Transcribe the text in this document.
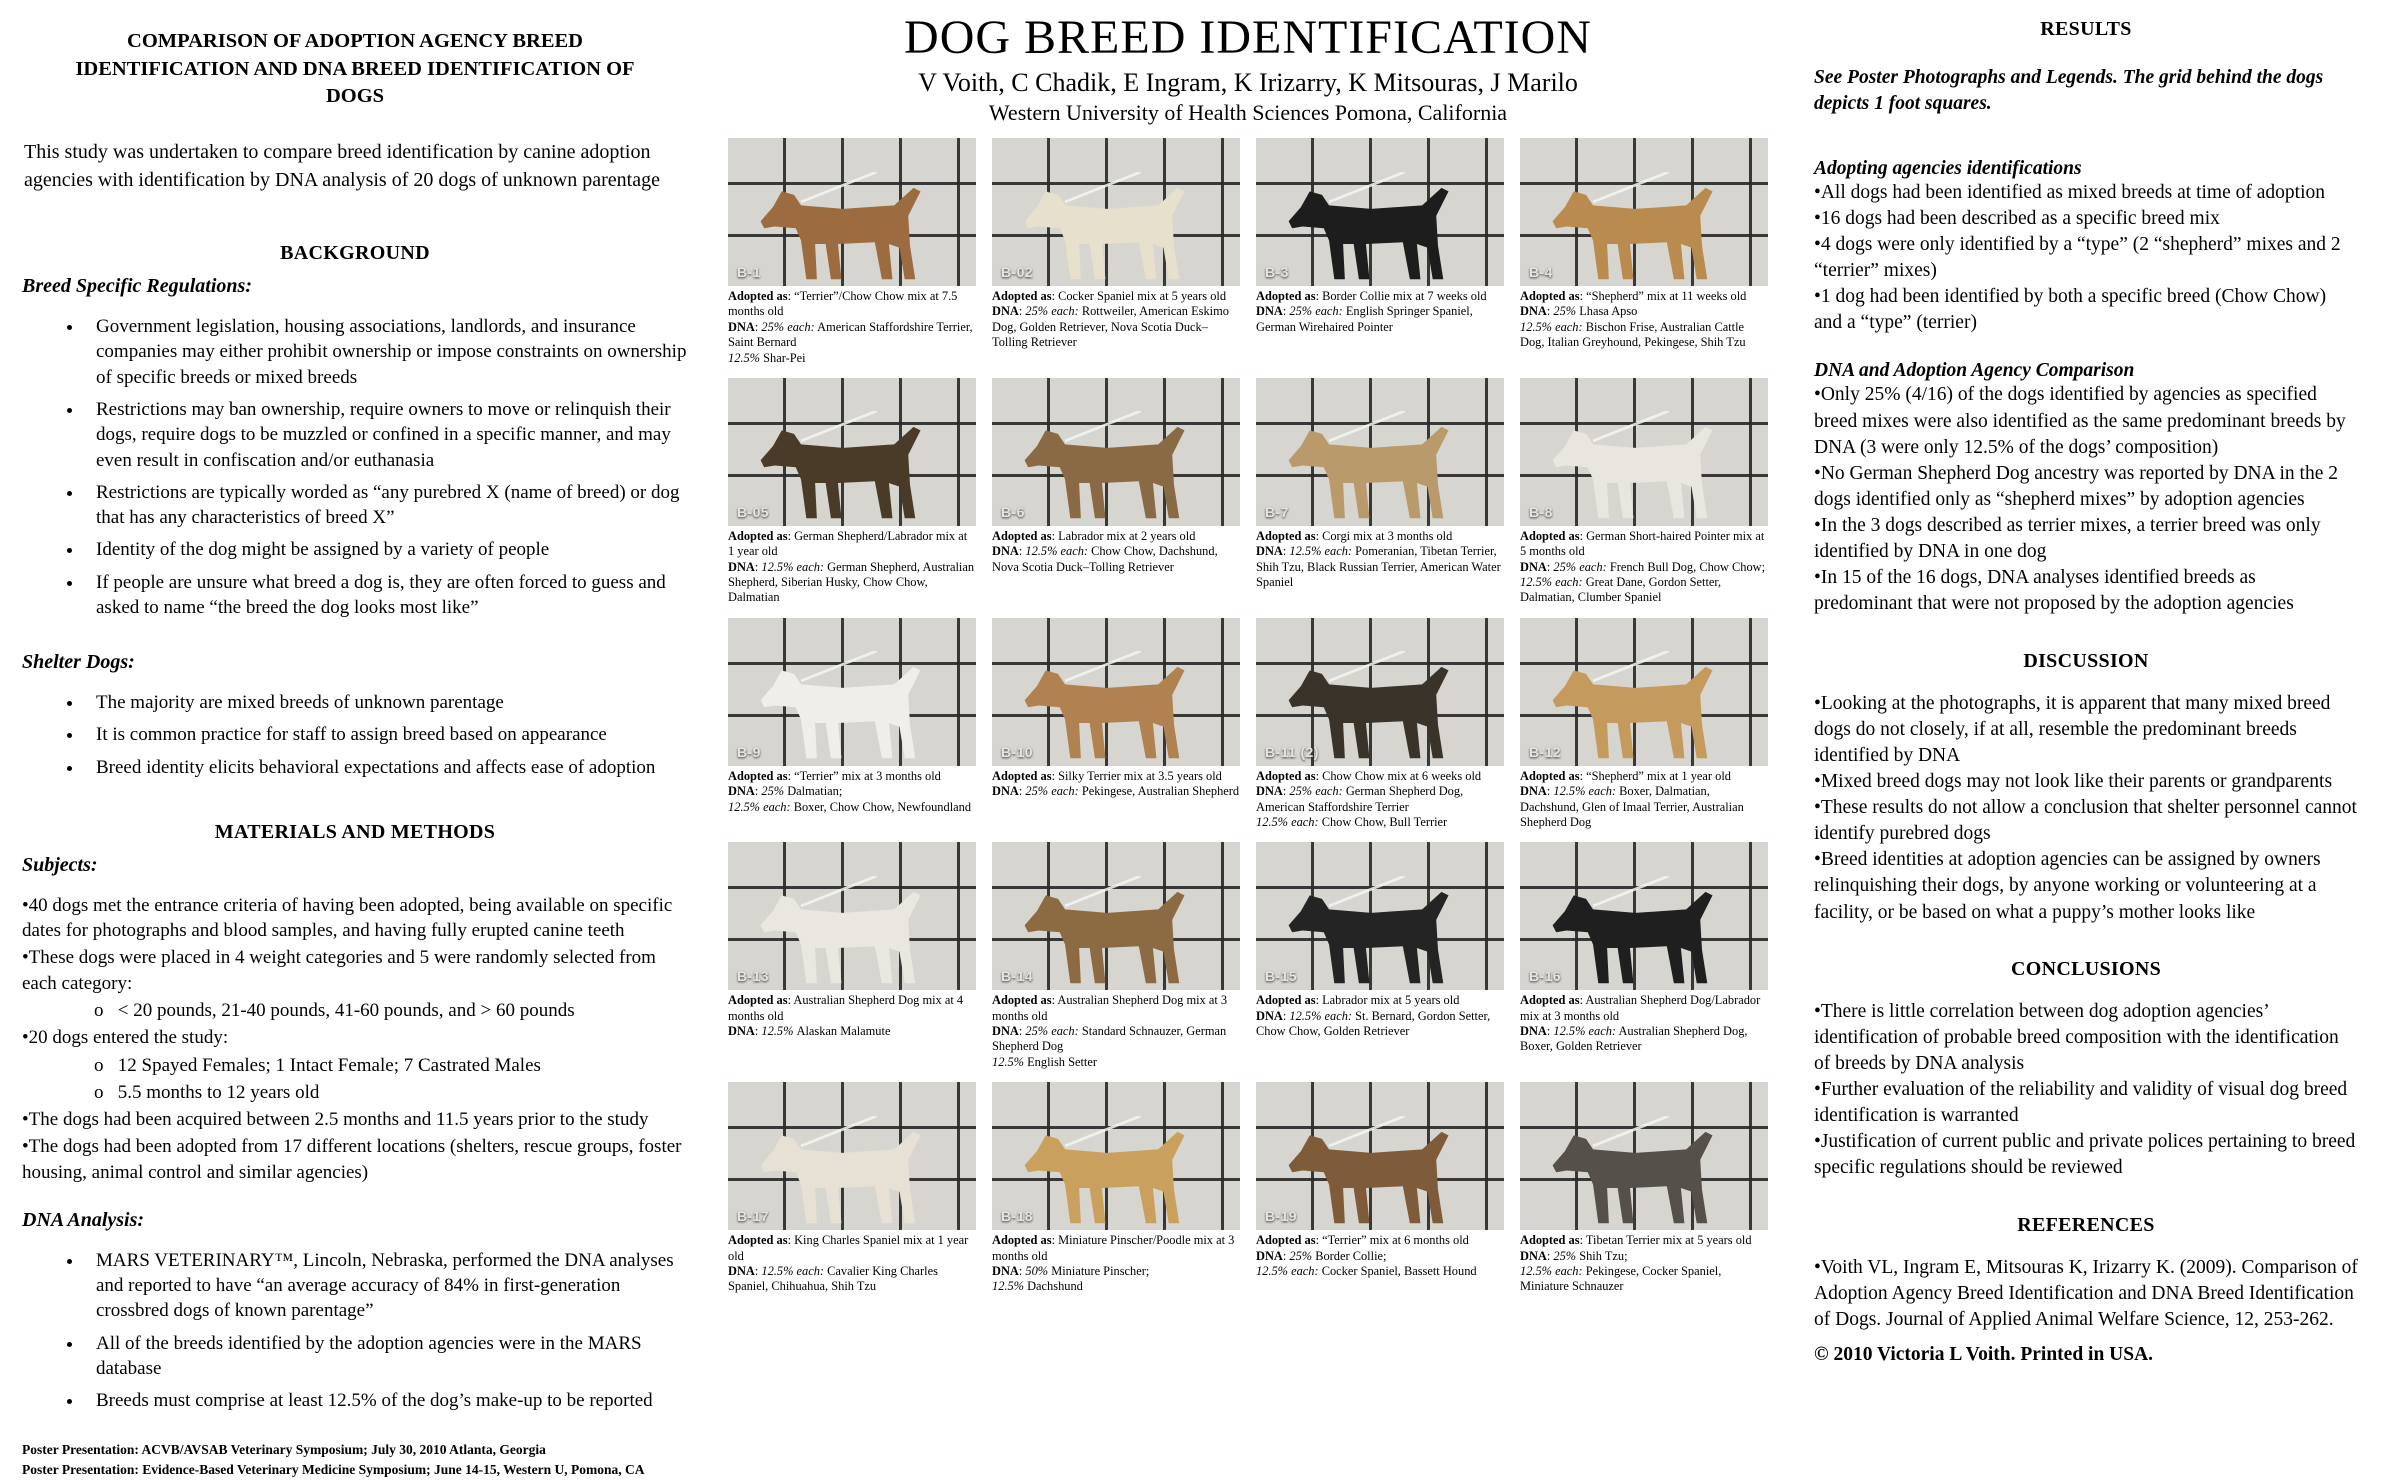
COMPARISON OF ADOPTION AGENCY BREED IDENTIFICATION AND DNA BREED IDENTIFICATION OF DOGS
This study was undertaken to compare breed identification by canine adoption agencies with identification by DNA analysis of 20 dogs of unknown parentage
BACKGROUND
Breed Specific Regulations:
• Government legislation, housing associations, landlords, and insurance companies may either prohibit ownership or impose constraints on ownership of specific breeds or mixed breeds
• Restrictions may ban ownership, require owners to move or relinquish their dogs, require dogs to be muzzled or confined in a specific manner, and may even result in confiscation and/or euthanasia
• Restrictions are typically worded as “any purebred X (name of breed) or dog that has any characteristics of breed X”
• Identity of the dog might be assigned by a variety of people
• If people are unsure what breed a dog is, they are often forced to guess and asked to name “the breed the dog looks most like”
Shelter Dogs:
• The majority are mixed breeds of unknown parentage
• It is common practice for staff to assign breed based on appearance
• Breed identity elicits behavioral expectations and affects ease of adoption
MATERIALS AND METHODS
Subjects:
• 40 dogs met the entrance criteria of having been adopted, being available on specific dates for photographs and blood samples, and having fully erupted canine teeth
• These dogs were placed in 4 weight categories and 5 were randomly selected from each category:
o < 20 pounds, 21-40 pounds, 41-60 pounds, and > 60 pounds
• 20 dogs entered the study:
o 12 Spayed Females; 1 Intact Female; 7 Castrated Males
o 5.5 months to 12 years old
• The dogs had been acquired between 2.5 months and 11.5 years prior to the study
• The dogs had been adopted from 17 different locations (shelters, rescue groups, foster housing, animal control and similar agencies)
DNA Analysis:
• MARS VETERINARY™, Lincoln, Nebraska, performed the DNA analyses and reported to have “an average accuracy of 84% in first-generation crossbred dogs of known parentage”
• All of the breeds identified by the adoption agencies were in the MARS database
• Breeds must comprise at least 12.5% of the dog’s make-up to be reported
Poster Presentation: ACVB/AVSAB Veterinary Symposium; July 30, 2010 Atlanta, Georgia
Poster Presentation: Evidence-Based Veterinary Medicine Symposium; June 14-15, Western U, Pomona, CA
DOG BREED IDENTIFICATION
V Voith, C Chadik, E Ingram, K Irizarry, K Mitsouras, J Marilo
Western University of Health Sciences Pomona, California
B-1
Adopted as: “Terrier”/Chow Chow mix at 7.5 months old
DNA: 25% each: American Staffordshire Terrier, Saint Bernard
12.5% Shar-Pei
B-02
Adopted as: Cocker Spaniel mix at 5 years old
DNA: 25% each: Rottweiler, American Eskimo Dog, Golden Retriever, Nova Scotia Duck–Tolling Retriever
B-3
Adopted as: Border Collie mix at 7 weeks old
DNA: 25% each: English Springer Spaniel, German Wirehaired Pointer
B-4
Adopted as: “Shepherd” mix at 11 weeks old
DNA: 25% Lhasa Apso
12.5% each: Bischon Frise, Australian Cattle Dog, Italian Greyhound, Pekingese, Shih Tzu
B-05
Adopted as: German Shepherd/Labrador mix at 1 year old
DNA: 12.5% each: German Shepherd, Australian Shepherd, Siberian Husky, Chow Chow, Dalmatian
B-6
Adopted as: Labrador mix at 2 years old
DNA: 12.5% each: Chow Chow, Dachshund, Nova Scotia Duck–Tolling Retriever
B-7
Adopted as: Corgi mix at 3 months old
DNA: 12.5% each: Pomeranian, Tibetan Terrier, Shih Tzu, Black Russian Terrier, American Water Spaniel
B-8
Adopted as: German Short-haired Pointer mix at 5 months old
DNA: 25% each: French Bull Dog, Chow Chow;
12.5% each: Great Dane, Gordon Setter, Dalmatian, Clumber Spaniel
B-9
Adopted as: “Terrier” mix at 3 months old
DNA: 25% Dalmatian;
12.5% each: Boxer, Chow Chow, Newfoundland
B-10
Adopted as: Silky Terrier mix at 3.5 years old
DNA: 25% each: Pekingese, Australian Shepherd
B-11 (2)
Adopted as: Chow Chow mix at 6 weeks old
DNA: 25% each: German Shepherd Dog, American Staffordshire Terrier
12.5% each: Chow Chow, Bull Terrier
B-12
Adopted as: “Shepherd” mix at 1 year old
DNA: 12.5% each: Boxer, Dalmatian, Dachshund, Glen of Imaal Terrier, Australian Shepherd Dog
B-13
Adopted as: Australian Shepherd Dog mix at 4 months old
DNA: 12.5% Alaskan Malamute
B-14
Adopted as: Australian Shepherd Dog mix at 3 months old
DNA: 25% each: Standard Schnauzer, German Shepherd Dog
12.5% English Setter
B-15
Adopted as: Labrador mix at 5 years old
DNA: 12.5% each: St. Bernard, Gordon Setter, Chow Chow, Golden Retriever
B-16
Adopted as: Australian Shepherd Dog/Labrador mix at 3 months old
DNA: 12.5% each: Australian Shepherd Dog, Boxer, Golden Retriever
B-17
Adopted as: King Charles Spaniel mix at 1 year old
DNA: 12.5% each: Cavalier King Charles Spaniel, Chihuahua, Shih Tzu
B-18
Adopted as: Miniature Pinscher/Poodle mix at 3 months old
DNA: 50% Miniature Pinscher;
12.5% Dachshund
B-19
Adopted as: “Terrier” mix at 6 months old
DNA: 25% Border Collie;
12.5% each: Cocker Spaniel, Bassett Hound
Adopted as: Tibetan Terrier mix at 5 years old
DNA: 25% Shih Tzu;
12.5% each: Pekingese, Cocker Spaniel, Miniature Schnauzer
RESULTS
See Poster Photographs and Legends. The grid behind the dogs depicts 1 foot squares.
Adopting agencies identifications
• All dogs had been identified as mixed breeds at time of adoption
• 16 dogs had been described as a specific breed mix
• 4 dogs were only identified by a “type” (2 “shepherd” mixes and 2 “terrier” mixes)
• 1 dog had been identified by both a specific breed (Chow Chow) and a “type” (terrier)
DNA and Adoption Agency Comparison
• Only 25% (4/16) of the dogs identified by agencies as specified breed mixes were also identified as the same predominant breeds by DNA (3 were only 12.5% of the dogs’ composition)
• No German Shepherd Dog ancestry was reported by DNA in the 2 dogs identified only as “shepherd mixes” by adoption agencies
• In the 3 dogs described as terrier mixes, a terrier breed was only identified by DNA in one dog
• In 15 of the 16 dogs, DNA analyses identified breeds as predominant that were not proposed by the adoption agencies
DISCUSSION
• Looking at the photographs, it is apparent that many mixed breed dogs do not closely, if at all, resemble the predominant breeds identified by DNA
• Mixed breed dogs may not look like their parents or grandparents
• These results do not allow a conclusion that shelter personnel cannot identify purebred dogs
• Breed identities at adoption agencies can be assigned by owners relinquishing their dogs, by anyone working or volunteering at a facility, or be based on what a puppy’s mother looks like
CONCLUSIONS
• There is little correlation between dog adoption agencies’ identification of probable breed composition with the identification of breeds by DNA analysis
• Further evaluation of the reliability and validity of visual dog breed identification is warranted
• Justification of current public and private polices pertaining to breed specific regulations should be reviewed
REFERENCES
• Voith VL, Ingram E, Mitsouras K, Irizarry K. (2009). Comparison of Adoption Agency Breed Identification and DNA Breed Identification of Dogs. Journal of Applied Animal Welfare Science, 12, 253-262.
© 2010 Victoria L Voith. Printed in USA.
